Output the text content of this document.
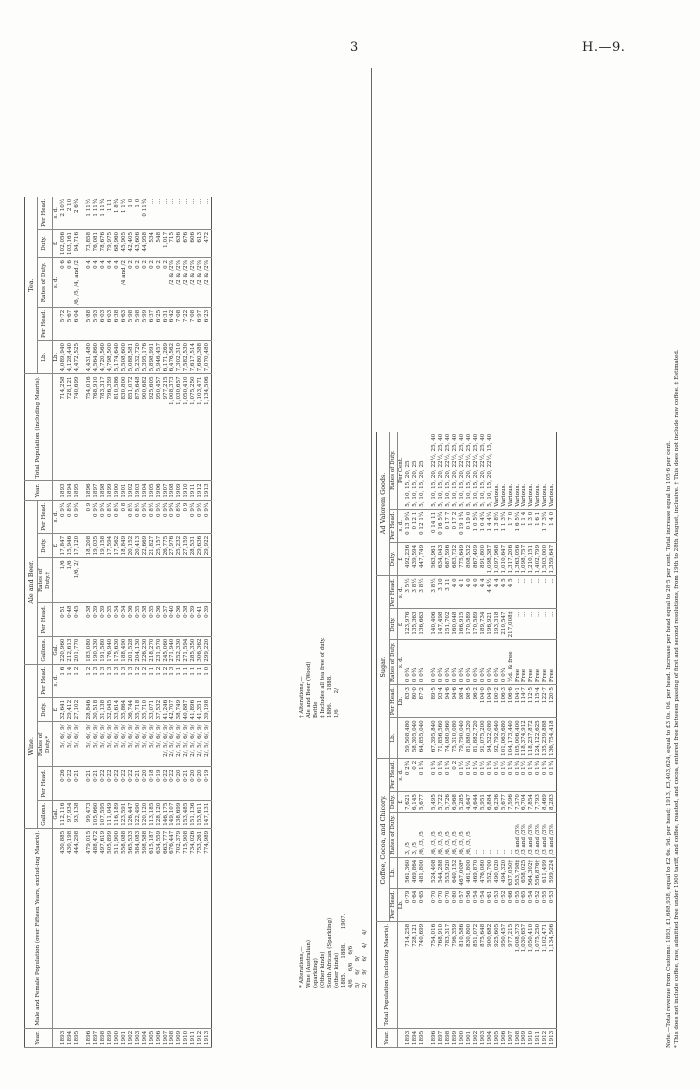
3	H.—9.
Year.	Male and Female Population (over Fifteen Years, exclud-ing Maoris).	Wine.					Ale and Beer.					Year.	Total Population (including Maoris).	Tea.				
		Gallons.	Per Head.	Rates of Duty.*	Duty.	Per Head.	Gallons.	Per Head.	Rates of Duty.†	Duty.	Per Head.			Lb.	Per Head.	Rates of Duty.	Duty.	Per Head.
		Gal.			£	s. d.	Gal.			£	s. d.			Lb.		s. d.	£	s. d.
1893	430,885	112,116	0·26	5/, 6/, 9/	32,641	1 6	220,960	0·51	1/6	17,847	0 9¼	1893	714,258	4,089,940	5·72	0 6	102,056	2 10½
1894	430,198	97,934	0·22	5/, 6/, 9/	29,412	1 4	212,613	0·48	1/6	15,946	0 8¾	1894	728,121	4,128,440	5·67	0 6	103,161	2 10
1895	444,298	93,138	0·21	5/, 6/, 9/	27,102	1 2	201,770	0·45	1/6, 2/	17,120	0 9¼	1895	740,699	4,472,525	6·04	/6, /5, /4, and /2	94,716	2 6¾

1896	479,015	99,473	0·21	5/, 6/, 9/	28,846	1 2	183,080	0·38		18,208	0 9	1896	754,016	4,431,480	5·88	0 4	73,858	1 11½
1897	488,472	105,660	0·21	5/, 6/, 9/	30,518	1 3	190,330	0·39		19,035	0 9¼	1897	768,910	4,564,860	5·93	0 4	76,081	1 11¾
1898	497,619	107,595	0·22	5/, 6/, 9/	31,138	1 3	191,580	0·39		19,158	0 9¼	1898	783,317	4,720,560	6·03	0 4	78,676	1 11¾
1899	505,899	111,049	0·22	5/, 6/, 9/	32,045	1 3	176,940	0·35		17,594	0 8¼	1899	796,359	4,798,500	6·03	0 4	79,975	1 11
1900	511,900	116,189	0·22	5/, 6/, 9/	33,614	1 3	175,630	0·34		17,562	0 8¼	1900	810,586	5,174,640	6·38	0 4	68,960	1 8¾
1901	558,088	123,591	0·22	5/, 6/, 9/	35,864	1 3	188,490	0·34		18,849	0 8	1901	830,800	5,508,600	6·63	/4 and /2	45,905	1 1½
1902	565,533	126,447	0·22	5/, 6/, 9/	36,744	1 3	201,528	0·36		20,152	0 8½	1902	851,072	5,088,581	5·98	0 2	42,405	1 0
1903	584,083	122,490	0·21	5/, 6/, 9/	35,718	1 2	204,130	0·35		20,413	0 8½	1903	875,648	5,232,720	5·98	0 2	43,606	1 0
1904	598,588	120,120	0·20	5/, 6/, 9/	35,710	1 2	226,230	0·38		22,669	0 9¼	1904	900,682	5,395,176	5·99	0 2	44,958	0 11¾
1905	615,187	113,185	0·18	5/, 6/, 9/	33,071	1 1	218,270	0·35		21,827	0 8½	1905	925,605	5,898,991	6·37	0 2	534	...
1906	634,559	128,120	0·19	5/, 6/, 9/	37,532	1 2	231,570	0·36		25,157	0 9½	1906	950,457	5,946,457	6·25	0 2	548	...
1907	663,777	146,175	0·22	2/, 5/, 6/, 9/	41,246	1 2	245,060	0·37		26,775	0 9¾	1907	977,215	6,171,269	6·31	0 2	1,017	...
1908	676,447	149,107	0·22	2/, 5/, 6/, 9/	42,707	1 3	271,940	0·40		27,976	0 9¾	1908	1,008,373	6,476,562	6·42	/2 & /2⅞	715	...
1909	702,379	138,699	0·20	2/, 5/, 6/, 9/	38,749	1 1	252,330	0·36		25,232	0 8¾	1909	1,030,657	7,302,310	7·08	/2 & /2⅞	636	...
1910	715,908	153,485	0·21	2/, 5/, 6/, 9/	40,887	1 1	271,594	0·38		27,159	0 9	1910	1,050,410	7,582,530	7·22	/2 & /2⅞	676	...
1911	734,026	151,136	0·20	2/, 5/, 6/, 9/	41,896	1 1	285,350	0·39		28,531	0 9¼	1911	1,075,250	7,617,514	7·08	/2 & /2⅞	606	...
1912	753,261	153,611	0·20	2/, 5/, 6/, 9/	41,351	1 1	306,362	0·41		29,636	0 9½	1912	1,103,471	7,680,388	6·97	/2 & /2⅞	613	...
1913	774,989	147,131	0·19	2/, 5/, 6/, 9/	39,198	1 0	299,220	0·39		29,922	0 9¼	1913	1,134,506	7,070,480	6·23	/2 & /2⅞	472	...
* Alterations,— Wine (Australian) (sparkling) (Other kinds) South African (Sparkling) (other kinds) 1885.1888.1907.
4/66/66/6
5/6/9/
2/9/6/4/4/
† Alterations,— Ale and Beer (Wood) Bottle ‡ Includes all tea free of duty. 1886.1888.
1/62/
Year.	Total Population (including Maoris).	Coffee, Cocoa, and Chicory.					Sugar.					Ad Valorem Goods.		
		Per Head.	Lb.	Rates of Duty.	Duty.	Per Head.	Lb.	Per Head.	Rates of Duty.	Duty.	Per Head.	Duty.	Per Head.	Rates of Duty.
		Lb.			£	s. d.		Lb.	s. d.	£	s. d.	£	s. d.	Per Cent.
1893	714,258	0·79	561,360	3, /5	7,621	0 2¾	59,508,480	83·3	0 0¾	123,976	3 5½	492,236	0 13 9¼	5, 10, 15, 20, 25
1894	728,121	0·64	469,864	3, /5	6,145	0 2	58,305,040	80·0	0 0¾	135,363	3 8½	439,594	0 12 1	5, 10, 15, 20, 25
1895	740,699	0·65	481,800	/6, /3, /5	5,677	0 1¾	64,855,040	87·2	0 0¾	136,663	3 8½	447,749	0 12 1¼	5, 10, 15, 20, 25

1896	754,016	0·70	524,408	/6, /3, /5	5,495	0 1¾	67,395,840	89·5	0 0¾	140,406	3 8½	563,961	0 14 11	5, 10, 15, 20, 22½, 25, 40
1897	768,910	0·70	544,288	/6, /3, /5	5,722	0 1¾	71,856,560	93·4	0 0¾	147,498	3 10	634,043	0 16 5¼	5, 10, 15, 20, 22½, 25, 40
1898	783,317	0·70	553,920	/6, /3, /5	5,726	0 1¾	74,080,960	94·6	0 0¾	151,702	3 11	687,596	0 17 7	5, 10, 15, 20, 22½, 25, 40
1899	796,359	0·80	640,152	/6, /3, /5	6,968	0 2	75,310,080	94·6	0 0¾	160,048	4 0	683,732	0 17 2	5, 10, 15, 20, 22½, 25, 40
1900	810,586	0·57	467,008*	/6, /3, /5	5,285	0 1½	79,790,040	98·4	0 0¾	166,915	4 1	775,649	0 19 1¾	5, 10, 15, 20, 22½, 25, 40
1901	830,800	0·56	461,800	/6, /3, /5	4,647	0 1¼	81,880,320	98·5	0 0¾	170,589	4 0	808,532	0 19 0	5, 10, 15, 20, 22½, 25, 40
1902	851,072	0·54	469,870	...	4,644	0 1¼	81,882,720	96·2	0 0¾	170,589	4 0	867,409	1 0 5¼	5, 10, 15, 20, 22½, 25, 40
1903	875,648	0·54	476,080	...	5,951	0 1½	91,075,200	104·0	0 0¾	189,734	4 4	891,800	1 0 4¼	5, 10, 15, 20, 22½, 25, 40
1904	900,682	0·61	552,700	...	6,884	0 1¾	94,522,080	104·9	0 0¾	196,921	4 4½	1,098,387	1 4 4¼	5, 10, 15, 20, 22½, 15, 40
1905	925,605	0·53	490,020	...	6,236	0 1½	92,792,640	100·2	0 0¾	193,318	4 4	1,097,968	1 3 8½	Various.
1906	950,457	0·52	494,320	...	5,677	0 1½	101,063,680	106·3	0 0¾	210,547	4 5	1,010,647	1 1 3¼	Various.
1907	977,215	0·66	637,050†	...	7,596	0 1¾	104,173,440	106·6	½d. & free	217,008‡	4 5	1,317,206	1 7 0	Various.
1908	1,008,373	0·55	553,798‡	/3 and /3⅞	7,370	0 1¾	105,006,400	104·1	Free	...	...	1,363,056	1 6 5¼	Various.
1909	1,030,657	0·65	658,025	/3 and /3⅞	6,704	0 1½	118,374,912	114·7	Free	...	...	1,098,757	1 1 4	Various.
1910	1,050,410	0·54	564,302†	/3 and /3⅞	7,854	0 1¾	118,237,872	112·5	Free	...	...	1,210,151	1 3 0	Various.
1911	1,075,250	0·52	556,876†	/3 and /3⅞	7,793	0 1¾	124,122,625	115·4	Free	...	...	1,402,799	1 6 1	Various.
1912	1,102,471	0·55	611,499	/3 and /3⅞	8,469	0 1¾	135,239,888	122·7	Free	...	...	1,503,000	1 7 3¼	Various.
1913	1,134,506	0·53	599,224	/3 and /3⅞	8,283	0 1¾	136,754,418	120·5	Free	...	...	1,359,647	1 4 0	Various.	Note.—Total revenue from Customs: 1893, £1,688,938, equal to £2 6s. 9d. per head; 1913, £3,403,624, equal to £3 0s. 0d. per head. Increase per head equal to 28·5 per cent. Total increase equal to 105·6 per cent. * This does not include coffee, raw, admitted free under 1900 tariff, and coffee, roasted, and cocoa, entered free between passing of first and second resolutions, from 19th to 28th August, inclusive. † This does not include raw coffee. ‡ Estimated.
